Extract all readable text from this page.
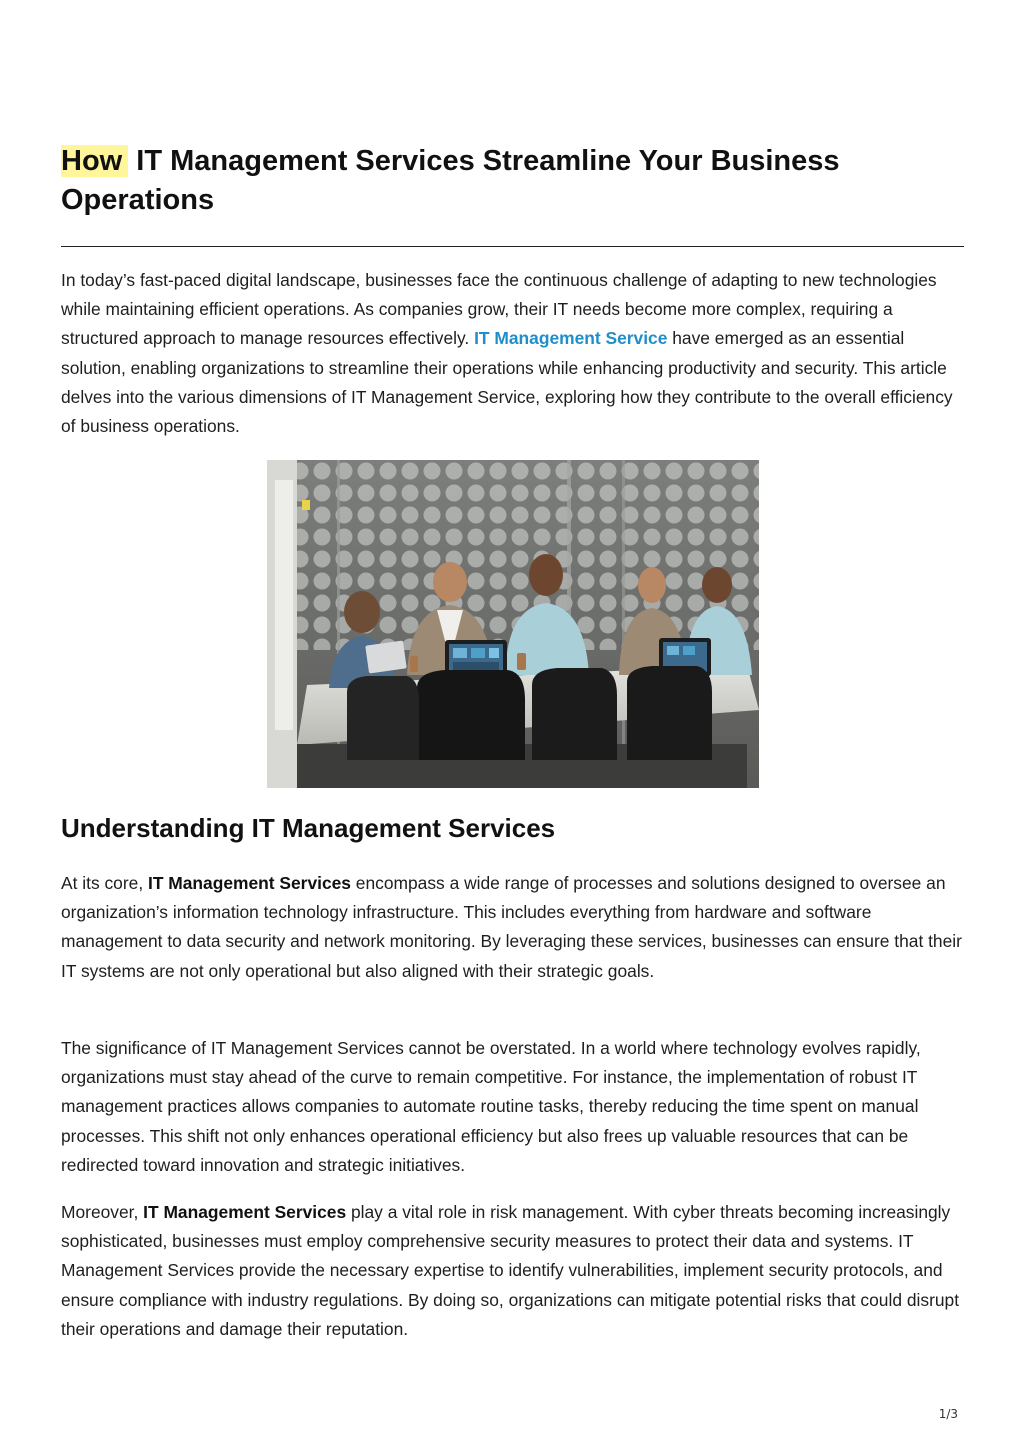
How IT Management Services Streamline Your Business Operations

In today’s fast-paced digital landscape, businesses face the continuous challenge of adapting to new technologies while maintaining efficient operations. As companies grow, their IT needs become more complex, requiring a structured approach to manage resources effectively. IT Management Service have emerged as an essential solution, enabling organizations to streamline their operations while enhancing productivity and security. This article delves into the various dimensions of IT Management Service, exploring how they contribute to the overall efficiency of business operations.

Understanding IT Management Services

At its core, IT Management Services encompass a wide range of processes and solutions designed to oversee an organization’s information technology infrastructure. This includes everything from hardware and software management to data security and network monitoring. By leveraging these services, businesses can ensure that their IT systems are not only operational but also aligned with their strategic goals.

The significance of IT Management Services cannot be overstated. In a world where technology evolves rapidly, organizations must stay ahead of the curve to remain competitive. For instance, the implementation of robust IT management practices allows companies to automate routine tasks, thereby reducing the time spent on manual processes. This shift not only enhances operational efficiency but also frees up valuable resources that can be redirected toward innovation and strategic initiatives.

Moreover, IT Management Services play a vital role in risk management. With cyber threats becoming increasingly sophisticated, businesses must employ comprehensive security measures to protect their data and systems. IT Management Services provide the necessary expertise to identify vulnerabilities, implement security protocols, and ensure compliance with industry regulations. By doing so, organizations can mitigate potential risks that could disrupt their operations and damage their reputation.

1/3
